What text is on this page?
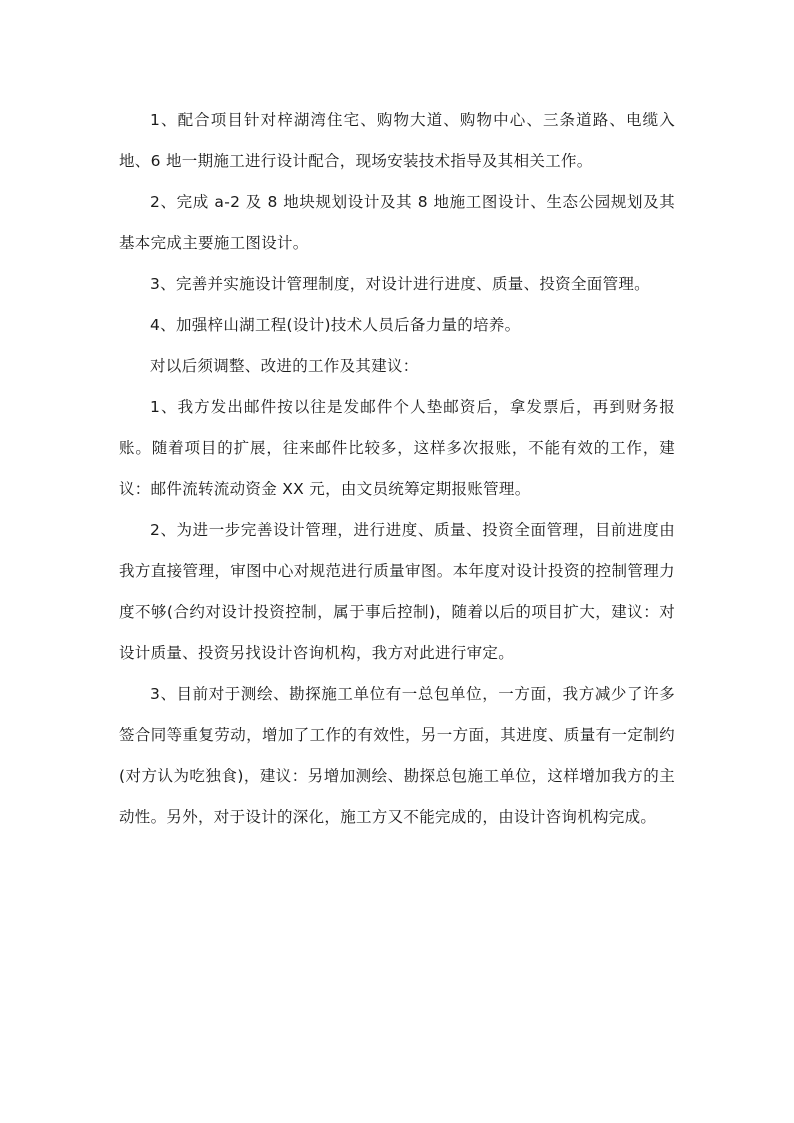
1、配合项目针对梓湖湾住宅、购物大道、购物中心、三条道路、电缆入地、6 地一期施工进行设计配合，现场安装技术指导及其相关工作。

2、完成 a-2 及 8 地块规划设计及其 8 地施工图设计、生态公园规划及其基本完成主要施工图设计。

3、完善并实施设计管理制度，对设计进行进度、质量、投资全面管理。

4、加强梓山湖工程(设计)技术人员后备力量的培养。

对以后须调整、改进的工作及其建议：

1、我方发出邮件按以往是发邮件个人垫邮资后，拿发票后，再到财务报账。随着项目的扩展，往来邮件比较多，这样多次报账，不能有效的工作，建议：邮件流转流动资金 XX 元，由文员统筹定期报账管理。

2、为进一步完善设计管理，进行进度、质量、投资全面管理，目前进度由我方直接管理，审图中心对规范进行质量审图。本年度对设计投资的控制管理力度不够(合约对设计投资控制，属于事后控制)，随着以后的项目扩大，建议：对设计质量、投资另找设计咨询机构，我方对此进行审定。

3、目前对于测绘、勘探施工单位有一总包单位，一方面，我方减少了许多签合同等重复劳动，增加了工作的有效性，另一方面，其进度、质量有一定制约(对方认为吃独食)，建议：另增加测绘、勘探总包施工单位，这样增加我方的主动性。另外，对于设计的深化，施工方又不能完成的，由设计咨询机构完成。
